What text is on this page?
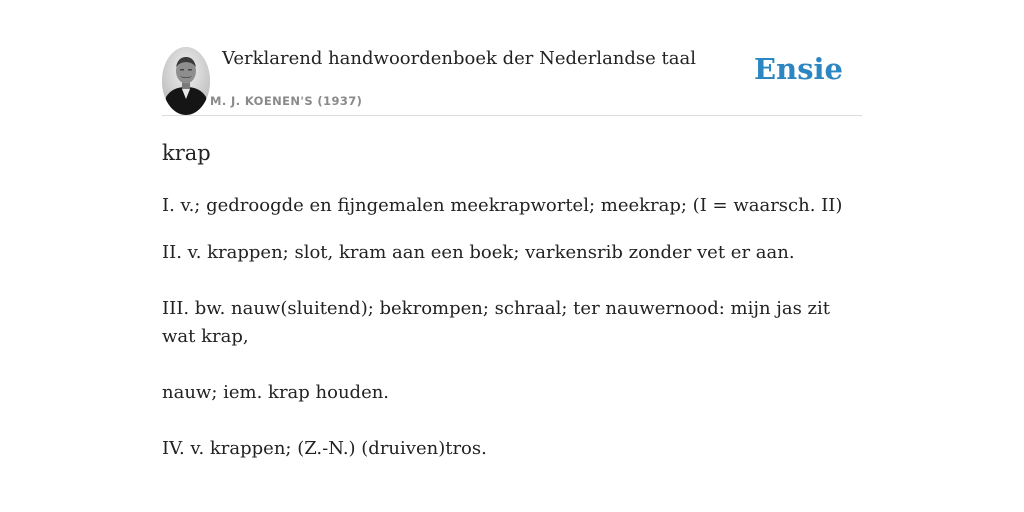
Verklarend handwoordenboek der Nederlandse taal
M. J. KOENEN'S (1937)
Ensie
krap

I. v.; gedroogde en fijngemalen meekrapwortel; meekrap; (I = waarsch. II)

II. v. krappen; slot, kram aan een boek; varkensrib zonder vet er aan.

III. bw. nauw(sluitend); bekrompen; schraal; ter nauwernood: mijn jas zit wat krap,

nauw; iem. krap houden.

IV. v. krappen; (Z.-N.) (druiven)tros.
